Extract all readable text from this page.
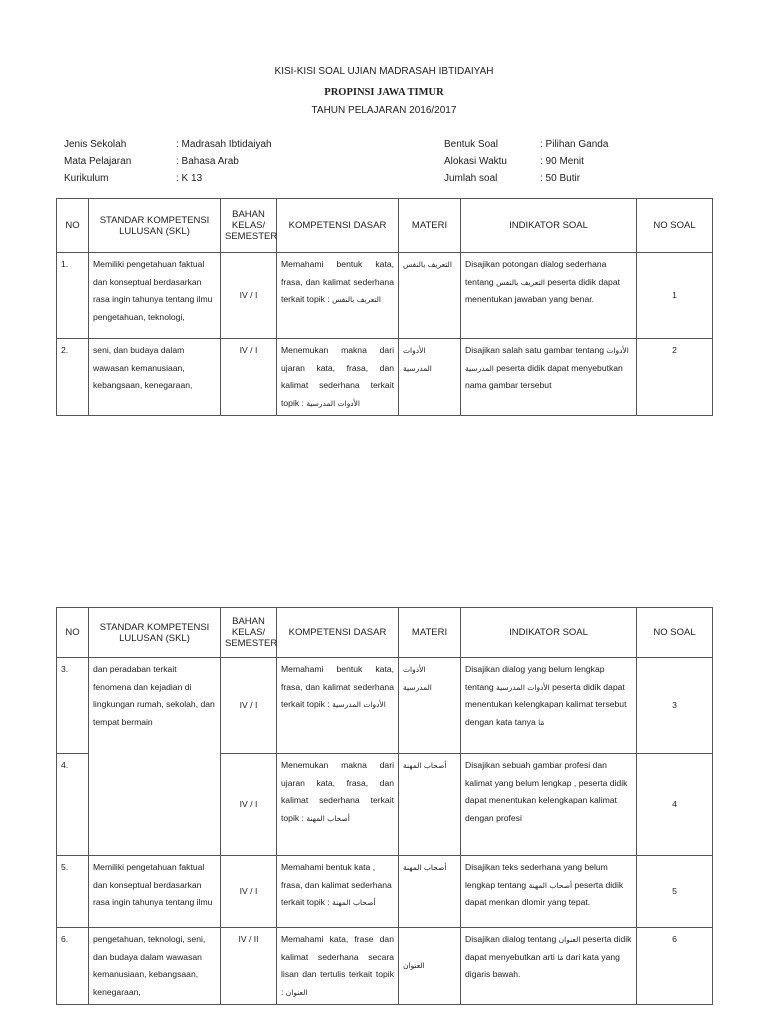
KISI-KISI SOAL UJIAN MADRASAH IBTIDAIYAH
PROPINSI JAWA TIMUR
TAHUN PELAJARAN 2016/2017
Jenis Sekolah	: Madrasah Ibtidaiyah
Mata Pelajaran	: Bahasa Arab
Kurikulum	: K 13
Bentuk Soal	: Pilihan Ganda
Alokasi Waktu	: 90 Menit
Jumlah soal	: 50 Butir
NO	STANDAR KOMPETENSI LULUSAN (SKL)	BAHAN KELAS/ SEMESTER	KOMPETENSI DASAR	MATERI	INDIKATOR SOAL	NO SOAL
1.	Memiliki pengetahuan faktual dan konseptual berdasarkan rasa ingin tahunya tentang ilmu pengetahuan, teknologi,	IV / I	Memahami bentuk kata, frasa, dan kalimat sederhana terkait topik : التعريف بالنفس	التعريف بالنفس	Disajikan potongan dialog sederhana tentang التعريف بالنفس peserta didik dapat menentukan jawaban yang benar.	1
2.	seni, dan budaya dalam wawasan kemanusiaan, kebangsaan, kenegaraan,	IV / I	Menemukan makna dari ujaran kata, frasa, dan kalimat sederhana terkait topik : الأدوات المدرسية	الأدوات المدرسية	Disajikan salah satu gambar tentang الأدوات المدرسية peserta didik dapat menyebutkan nama gambar tersebut	2
NO	STANDAR KOMPETENSI LULUSAN (SKL)	BAHAN KELAS/ SEMESTER	KOMPETENSI DASAR	MATERI	INDIKATOR SOAL	NO SOAL
3.	dan peradaban terkait fenomena dan kejadian di lingkungan rumah, sekolah, dan tempat bermain	IV / I	Memahami bentuk kata, frasa, dan kalimat sederhana terkait topik : الأدوات المدرسية	الأدوات المدرسية	Disajikan dialog yang belum lengkap tentang الأدوات المدرسية peserta didik dapat menentukan kelengkapan kalimat tersebut dengan kata tanya مَا	3
4.		IV / I	Menemukan makna dari ujaran kata, frasa, dan kalimat sederhana terkait topik : أصحاب المهنة	أصحاب المهنة	Disajikan sebuah gambar profesi dan kalimat yang belum lengkap , peserta didik dapat menentukan kelengkapan kalimat dengan profesi	4
5.	Memiliki pengetahuan faktual dan konseptual berdasarkan rasa ingin tahunya tentang ilmu	IV / I	Memahami bentuk kata , frasa, dan kalimat sederhana terkait topik : أصحاب المهنة	أصحاب المهنة	Disajikan teks sederhana yang belum lengkap tentang أصحاب المهنة peserta didik dapat menkan dlomir yang tepat.	5
6.	pengetahuan, teknologi, seni, dan budaya dalam wawasan kemanusiaan, kebangsaan, kenegaraan,	IV / II	Memahami kata, frase dan kalimat sederhana secara lisan dan tertulis terkait topik : العنوان	العنوان	Disajikan dialog tentang العنوان peserta didik dapat menyebutkan arti مَا dari kata yang digaris bawah.	6
